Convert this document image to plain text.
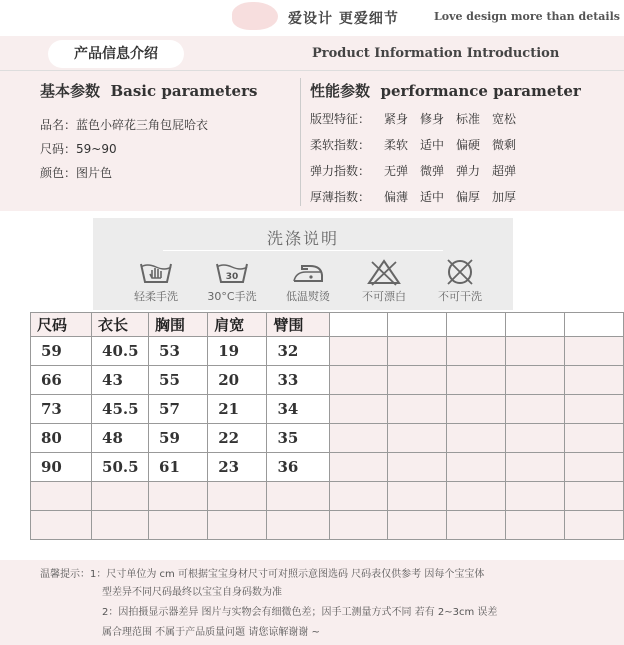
爱设计 更爱细节	Love design more than details
产品信息介绍	Product Information Introduction
基本参数 Basic parameters
品名：蓝色小碎花三角包屁哈衣
尺码：59~90
颜色：图片色
性能参数 performance parameter
版型特征： 紧身 修身 标准 宽松
柔软指数： 柔软 适中 偏硬 微剩
弹力指数： 无弹 微弹 弹力 超弹
厚薄指数： 偏薄 适中 偏厚 加厚
洗涤说明
轻柔手洗
30
30°C手洗	低温熨烫	不可漂白	不可干洗
尺码	衣长	胸围	肩宽	臂围					
59	40.5	53	19	32					
66	43	55	20	33					
73	45.5	57	21	34					
80	48	59	22	35					
90	50.5	61	23	36					

温馨提示：1：尺寸单位为 cm 可根据宝宝身材尺寸可对照示意图选码 尺码表仅供参考 因每个宝宝体
型差异不同尺码最终以宝宝自身码数为准
2：因拍摄显示器差异 图片与实物会有细微色差；因手工测量方式不同 若有 2~3cm 误差
属合理范围 不属于产品质量问题 请您谅解谢谢 ~
